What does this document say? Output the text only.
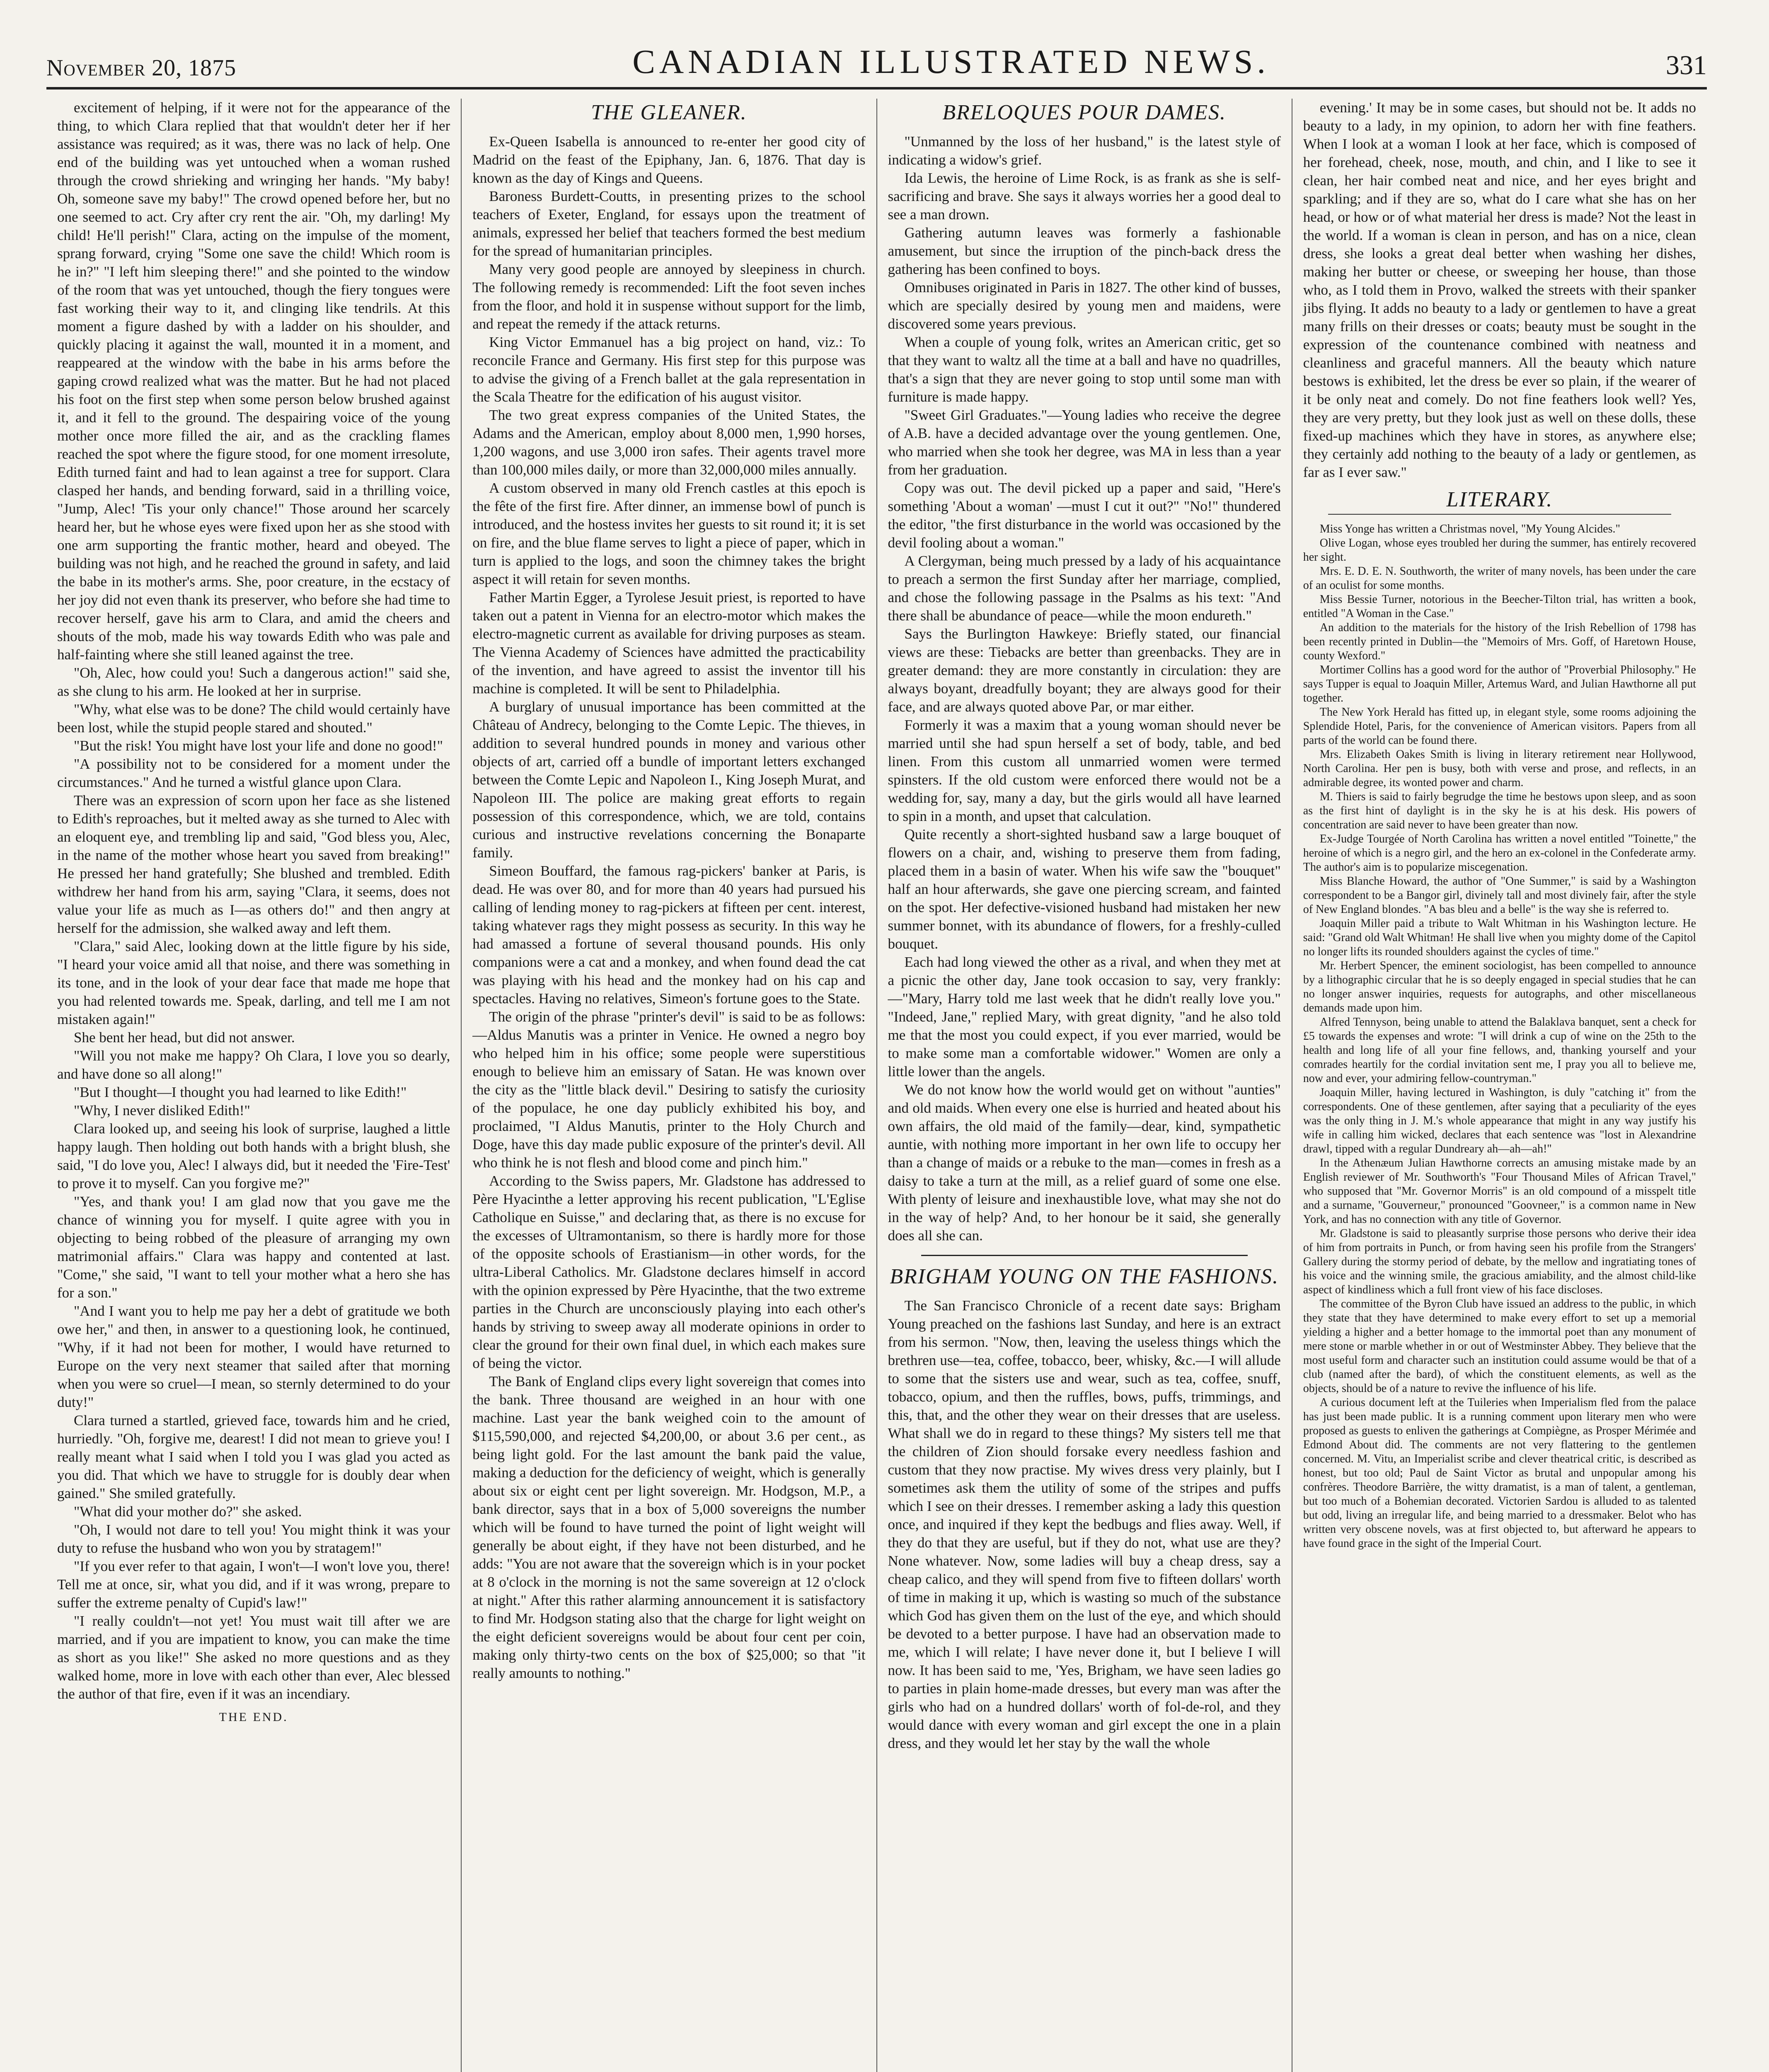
November 20, 1875	CANADIAN ILLUSTRATED NEWS.	331

excitement of helping, if it were not for the appearance of the thing, to which Clara replied that that wouldn't deter her if her assistance was required; as it was, there was no lack of help. One end of the building was yet untouched when a woman rushed through the crowd shrieking and wringing her hands. "My baby! Oh, someone save my baby!" The crowd opened before her, but no one seemed to act. Cry after cry rent the air. "Oh, my darling! My child! He'll perish!" Clara, acting on the impulse of the moment, sprang forward, crying "Some one save the child! Which room is he in?" "I left him sleeping there!" and she pointed to the window of the room that was yet untouched, though the fiery tongues were fast working their way to it, and clinging like tendrils. At this moment a figure dashed by with a ladder on his shoulder, and quickly placing it against the wall, mounted it in a moment, and reappeared at the window with the babe in his arms before the gaping crowd realized what was the matter. But he had not placed his foot on the first step when some person below brushed against it, and it fell to the ground. The despairing voice of the young mother once more filled the air, and as the crackling flames reached the spot where the figure stood, for one moment irresolute, Edith turned faint and had to lean against a tree for support. Clara clasped her hands, and bending forward, said in a thrilling voice, "Jump, Alec! 'Tis your only chance!" Those around her scarcely heard her, but he whose eyes were fixed upon her as she stood with one arm supporting the frantic mother, heard and obeyed. The building was not high, and he reached the ground in safety, and laid the babe in its mother's arms. She, poor creature, in the ecstacy of her joy did not even thank its preserver, who before she had time to recover herself, gave his arm to Clara, and amid the cheers and shouts of the mob, made his way towards Edith who was pale and half-fainting where she still leaned against the tree.

"Oh, Alec, how could you! Such a dangerous action!" said she, as she clung to his arm. He looked at her in surprise.

"Why, what else was to be done? The child would certainly have been lost, while the stupid people stared and shouted."

"But the risk! You might have lost your life and done no good!"

"A possibility not to be considered for a moment under the circumstances." And he turned a wistful glance upon Clara.

There was an expression of scorn upon her face as she listened to Edith's reproaches, but it melted away as she turned to Alec with an eloquent eye, and trembling lip and said, "God bless you, Alec, in the name of the mother whose heart you saved from breaking!" He pressed her hand gratefully; She blushed and trembled. Edith withdrew her hand from his arm, saying "Clara, it seems, does not value your life as much as I—as others do!" and then angry at herself for the admission, she walked away and left them.

"Clara," said Alec, looking down at the little figure by his side, "I heard your voice amid all that noise, and there was something in its tone, and in the look of your dear face that made me hope that you had relented towards me. Speak, darling, and tell me I am not mistaken again!"

She bent her head, but did not answer.

"Will you not make me happy? Oh Clara, I love you so dearly, and have done so all along!"

"But I thought—I thought you had learned to like Edith!"

"Why, I never disliked Edith!"

Clara looked up, and seeing his look of surprise, laughed a little happy laugh. Then holding out both hands with a bright blush, she said, "I do love you, Alec! I always did, but it needed the 'Fire-Test' to prove it to myself. Can you forgive me?"

"Yes, and thank you! I am glad now that you gave me the chance of winning you for myself. I quite agree with you in objecting to being robbed of the pleasure of arranging my own matrimonial affairs." Clara was happy and contented at last. "Come," she said, "I want to tell your mother what a hero she has for a son."

"And I want you to help me pay her a debt of gratitude we both owe her," and then, in answer to a questioning look, he continued, "Why, if it had not been for mother, I would have returned to Europe on the very next steamer that sailed after that morning when you were so cruel—I mean, so sternly determined to do your duty!"

Clara turned a startled, grieved face, towards him and he cried, hurriedly. "Oh, forgive me, dearest! I did not mean to grieve you! I really meant what I said when I told you I was glad you acted as you did. That which we have to struggle for is doubly dear when gained." She smiled gratefully.

"What did your mother do?" she asked.

"Oh, I would not dare to tell you! You might think it was your duty to refuse the husband who won you by stratagem!"

"If you ever refer to that again, I won't—I won't love you, there! Tell me at once, sir, what you did, and if it was wrong, prepare to suffer the extreme penalty of Cupid's law!"

"I really couldn't—not yet! You must wait till after we are married, and if you are impatient to know, you can make the time as short as you like!" She asked no more questions and as they walked home, more in love with each other than ever, Alec blessed the author of that fire, even if it was an incendiary.

THE END.

THE GLEANER.

Ex-Queen Isabella is announced to re-enter her good city of Madrid on the feast of the Epiphany, Jan. 6, 1876. That day is known as the day of Kings and Queens.

Baroness Burdett-Coutts, in presenting prizes to the school teachers of Exeter, England, for essays upon the treatment of animals, expressed her belief that teachers formed the best medium for the spread of humanitarian principles.

Many very good people are annoyed by sleepiness in church. The following remedy is recommended: Lift the foot seven inches from the floor, and hold it in suspense without support for the limb, and repeat the remedy if the attack returns.

King Victor Emmanuel has a big project on hand, viz.: To reconcile France and Germany. His first step for this purpose was to advise the giving of a French ballet at the gala representation in the Scala Theatre for the edification of his august visitor.

The two great express companies of the United States, the Adams and the American, employ about 8,000 men, 1,990 horses, 1,200 wagons, and use 3,000 iron safes. Their agents travel more than 100,000 miles daily, or more than 32,000,000 miles annually.

A custom observed in many old French castles at this epoch is the fête of the first fire. After dinner, an immense bowl of punch is introduced, and the hostess invites her guests to sit round it; it is set on fire, and the blue flame serves to light a piece of paper, which in turn is applied to the logs, and soon the chimney takes the bright aspect it will retain for seven months.

Father Martin Egger, a Tyrolese Jesuit priest, is reported to have taken out a patent in Vienna for an electro-motor which makes the electro-magnetic current as available for driving purposes as steam. The Vienna Academy of Sciences have admitted the practicability of the invention, and have agreed to assist the inventor till his machine is completed. It will be sent to Philadelphia.

A burglary of unusual importance has been committed at the Château of Andrecy, belonging to the Comte Lepic. The thieves, in addition to several hundred pounds in money and various other objects of art, carried off a bundle of important letters exchanged between the Comte Lepic and Napoleon I., King Joseph Murat, and Napoleon III. The police are making great efforts to regain possession of this correspondence, which, we are told, contains curious and instructive revelations concerning the Bonaparte family.

Simeon Bouffard, the famous rag-pickers' banker at Paris, is dead. He was over 80, and for more than 40 years had pursued his calling of lending money to rag-pickers at fifteen per cent. interest, taking whatever rags they might possess as security. In this way he had amassed a fortune of several thousand pounds. His only companions were a cat and a monkey, and when found dead the cat was playing with his head and the monkey had on his cap and spectacles. Having no relatives, Simeon's fortune goes to the State.

The origin of the phrase "printer's devil" is said to be as follows:—Aldus Manutis was a printer in Venice. He owned a negro boy who helped him in his office; some people were superstitious enough to believe him an emissary of Satan. He was known over the city as the "little black devil." Desiring to satisfy the curiosity of the populace, he one day publicly exhibited his boy, and proclaimed, "I Aldus Manutis, printer to the Holy Church and Doge, have this day made public exposure of the printer's devil. All who think he is not flesh and blood come and pinch him."

According to the Swiss papers, Mr. Gladstone has addressed to Père Hyacinthe a letter approving his recent publication, "L'Eglise Catholique en Suisse," and declaring that, as there is no excuse for the excesses of Ultramontanism, so there is hardly more for those of the opposite schools of Erastianism—in other words, for the ultra-Liberal Catholics. Mr. Gladstone declares himself in accord with the opinion expressed by Père Hyacinthe, that the two extreme parties in the Church are unconsciously playing into each other's hands by striving to sweep away all moderate opinions in order to clear the ground for their own final duel, in which each makes sure of being the victor.

The Bank of England clips every light sovereign that comes into the bank. Three thousand are weighed in an hour with one machine. Last year the bank weighed coin to the amount of $115,590,000, and rejected $4,200,00, or about 3.6 per cent., as being light gold. For the last amount the bank paid the value, making a deduction for the deficiency of weight, which is generally about six or eight cent per light sovereign. Mr. Hodgson, M.P., a bank director, says that in a box of 5,000 sovereigns the number which will be found to have turned the point of light weight will generally be about eight, if they have not been disturbed, and he adds: "You are not aware that the sovereign which is in your pocket at 8 o'clock in the morning is not the same sovereign at 12 o'clock at night." After this rather alarming announcement it is satisfactory to find Mr. Hodgson stating also that the charge for light weight on the eight deficient sovereigns would be about four cent per coin, making only thirty-two cents on the box of $25,000; so that "it really amounts to nothing."

BRELOQUES POUR DAMES.

"Unmanned by the loss of her husband," is the latest style of indicating a widow's grief.

Ida Lewis, the heroine of Lime Rock, is as frank as she is self-sacrificing and brave. She says it always worries her a good deal to see a man drown.

Gathering autumn leaves was formerly a fashionable amusement, but since the irruption of the pinch-back dress the gathering has been confined to boys.

Omnibuses originated in Paris in 1827. The other kind of busses, which are specially desired by young men and maidens, were discovered some years previous.

When a couple of young folk, writes an American critic, get so that they want to waltz all the time at a ball and have no quadrilles, that's a sign that they are never going to stop until some man with furniture is made happy.

"Sweet Girl Graduates."—Young ladies who receive the degree of A.B. have a decided advantage over the young gentlemen. One, who married when she took her degree, was MA in less than a year from her graduation.

Copy was out. The devil picked up a paper and said, "Here's something 'About a woman' —must I cut it out?" "No!" thundered the editor, "the first disturbance in the world was occasioned by the devil fooling about a woman."

A Clergyman, being much pressed by a lady of his acquaintance to preach a sermon the first Sunday after her marriage, complied, and chose the following passage in the Psalms as his text: "And there shall be abundance of peace—while the moon endureth."

Says the Burlington Hawkeye: Briefly stated, our financial views are these: Tiebacks are better than greenbacks. They are in greater demand: they are more constantly in circulation: they are always boyant, dreadfully boyant; they are always good for their face, and are always quoted above Par, or mar either.

Formerly it was a maxim that a young woman should never be married until she had spun herself a set of body, table, and bed linen. From this custom all unmarried women were termed spinsters. If the old custom were enforced there would not be a wedding for, say, many a day, but the girls would all have learned to spin in a month, and upset that calculation.

Quite recently a short-sighted husband saw a large bouquet of flowers on a chair, and, wishing to preserve them from fading, placed them in a basin of water. When his wife saw the "bouquet" half an hour afterwards, she gave one piercing scream, and fainted on the spot. Her defective-visioned husband had mistaken her new summer bonnet, with its abundance of flowers, for a freshly-culled bouquet.

Each had long viewed the other as a rival, and when they met at a picnic the other day, Jane took occasion to say, very frankly:—"Mary, Harry told me last week that he didn't really love you." "Indeed, Jane," replied Mary, with great dignity, "and he also told me that the most you could expect, if you ever married, would be to make some man a comfortable widower." Women are only a little lower than the angels.

We do not know how the world would get on without "aunties" and old maids. When every one else is hurried and heated about his own affairs, the old maid of the family—dear, kind, sympathetic auntie, with nothing more important in her own life to occupy her than a change of maids or a rebuke to the man—comes in fresh as a daisy to take a turn at the mill, as a relief guard of some one else. With plenty of leisure and inexhaustible love, what may she not do in the way of help? And, to her honour be it said, she generally does all she can.

BRIGHAM YOUNG ON THE FASHIONS.

The San Francisco Chronicle of a recent date says: Brigham Young preached on the fashions last Sunday, and here is an extract from his sermon. "Now, then, leaving the useless things which the brethren use—tea, coffee, tobacco, beer, whisky, &c.—I will allude to some that the sisters use and wear, such as tea, coffee, snuff, tobacco, opium, and then the ruffles, bows, puffs, trimmings, and this, that, and the other they wear on their dresses that are useless. What shall we do in regard to these things? My sisters tell me that the children of Zion should forsake every needless fashion and custom that they now practise. My wives dress very plainly, but I sometimes ask them the utility of some of the stripes and puffs which I see on their dresses. I remember asking a lady this question once, and inquired if they kept the bedbugs and flies away. Well, if they do that they are useful, but if they do not, what use are they? None whatever. Now, some ladies will buy a cheap dress, say a cheap calico, and they will spend from five to fifteen dollars' worth of time in making it up, which is wasting so much of the substance which God has given them on the lust of the eye, and which should be devoted to a better purpose. I have had an observation made to me, which I will relate; I have never done it, but I believe I will now. It has been said to me, 'Yes, Brigham, we have seen ladies go to parties in plain home-made dresses, but every man was after the girls who had on a hundred dollars' worth of fol-de-rol, and they would dance with every woman and girl except the one in a plain dress, and they would let her stay by the wall the whole

evening.' It may be in some cases, but should not be. It adds no beauty to a lady, in my opinion, to adorn her with fine feathers. When I look at a woman I look at her face, which is composed of her forehead, cheek, nose, mouth, and chin, and I like to see it clean, her hair combed neat and nice, and her eyes bright and sparkling; and if they are so, what do I care what she has on her head, or how or of what material her dress is made? Not the least in the world. If a woman is clean in person, and has on a nice, clean dress, she looks a great deal better when washing her dishes, making her butter or cheese, or sweeping her house, than those who, as I told them in Provo, walked the streets with their spanker jibs flying. It adds no beauty to a lady or gentlemen to have a great many frills on their dresses or coats; beauty must be sought in the expression of the countenance combined with neatness and cleanliness and graceful manners. All the beauty which nature bestows is exhibited, let the dress be ever so plain, if the wearer of it be only neat and comely. Do not fine feathers look well? Yes, they are very pretty, but they look just as well on these dolls, these fixed-up machines which they have in stores, as anywhere else; they certainly add nothing to the beauty of a lady or gentlemen, as far as I ever saw."

LITERARY.

Miss Yonge has written a Christmas novel, "My Young Alcides."

Olive Logan, whose eyes troubled her during the summer, has entirely recovered her sight.

Mrs. E. D. E. N. Southworth, the writer of many novels, has been under the care of an oculist for some months.

Miss Bessie Turner, notorious in the Beecher-Tilton trial, has written a book, entitled "A Woman in the Case."

An addition to the materials for the history of the Irish Rebellion of 1798 has been recently printed in Dublin—the "Memoirs of Mrs. Goff, of Haretown House, county Wexford."

Mortimer Collins has a good word for the author of "Proverbial Philosophy." He says Tupper is equal to Joaquin Miller, Artemus Ward, and Julian Hawthorne all put together.

The New York Herald has fitted up, in elegant style, some rooms adjoining the Splendide Hotel, Paris, for the convenience of American visitors. Papers from all parts of the world can be found there.

Mrs. Elizabeth Oakes Smith is living in literary retirement near Hollywood, North Carolina. Her pen is busy, both with verse and prose, and reflects, in an admirable degree, its wonted power and charm.

M. Thiers is said to fairly begrudge the time he bestows upon sleep, and as soon as the first hint of daylight is in the sky he is at his desk. His powers of concentration are said never to have been greater than now.

Ex-Judge Tourgée of North Carolina has written a novel entitled "Toinette," the heroine of which is a negro girl, and the hero an ex-colonel in the Confederate army. The author's aim is to popularize miscegenation.

Miss Blanche Howard, the author of "One Summer," is said by a Washington correspondent to be a Bangor girl, divinely tall and most divinely fair, after the style of New England blondes. "A bas bleu and a belle" is the way she is referred to.

Joaquin Miller paid a tribute to Walt Whitman in his Washington lecture. He said: "Grand old Walt Whitman! He shall live when you mighty dome of the Capitol no longer lifts its rounded shoulders against the cycles of time."

Mr. Herbert Spencer, the eminent sociologist, has been compelled to announce by a lithographic circular that he is so deeply engaged in special studies that he can no longer answer inquiries, requests for autographs, and other miscellaneous demands made upon him.

Alfred Tennyson, being unable to attend the Balaklava banquet, sent a check for £5 towards the expenses and wrote: "I will drink a cup of wine on the 25th to the health and long life of all your fine fellows, and, thanking yourself and your comrades heartily for the cordial invitation sent me, I pray you all to believe me, now and ever, your admiring fellow-countryman."

Joaquin Miller, having lectured in Washington, is duly "catching it" from the correspondents. One of these gentlemen, after saying that a peculiarity of the eyes was the only thing in J. M.'s whole appearance that might in any way justify his wife in calling him wicked, declares that each sentence was "lost in Alexandrine drawl, tipped with a regular Dundreary ah—ah—ah!"

In the Athenæum Julian Hawthorne corrects an amusing mistake made by an English reviewer of Mr. Southworth's "Four Thousand Miles of African Travel," who supposed that "Mr. Governor Morris" is an old compound of a misspelt title and a surname, "Gouverneur," pronounced "Goovneer," is a common name in New York, and has no connection with any title of Governor.

Mr. Gladstone is said to pleasantly surprise those persons who derive their idea of him from portraits in Punch, or from having seen his profile from the Strangers' Gallery during the stormy period of debate, by the mellow and ingratiating tones of his voice and the winning smile, the gracious amiability, and the almost child-like aspect of kindliness which a full front view of his face discloses.

The committee of the Byron Club have issued an address to the public, in which they state that they have determined to make every effort to set up a memorial yielding a higher and a better homage to the immortal poet than any monument of mere stone or marble whether in or out of Westminster Abbey. They believe that the most useful form and character such an institution could assume would be that of a club (named after the bard), of which the constituent elements, as well as the objects, should be of a nature to revive the influence of his life.

A curious document left at the Tuileries when Imperialism fled from the palace has just been made public. It is a running comment upon literary men who were proposed as guests to enliven the gatherings at Compiègne, as Prosper Mérimée and Edmond About did. The comments are not very flattering to the gentlemen concerned. M. Vitu, an Imperialist scribe and clever theatrical critic, is described as honest, but too old; Paul de Saint Victor as brutal and unpopular among his confrères. Theodore Barrière, the witty dramatist, is a man of talent, a gentleman, but too much of a Bohemian decorated. Victorien Sardou is alluded to as talented but odd, living an irregular life, and being married to a dressmaker. Belot who has written very obscene novels, was at first objected to, but afterward he appears to have found grace in the sight of the Imperial Court.
